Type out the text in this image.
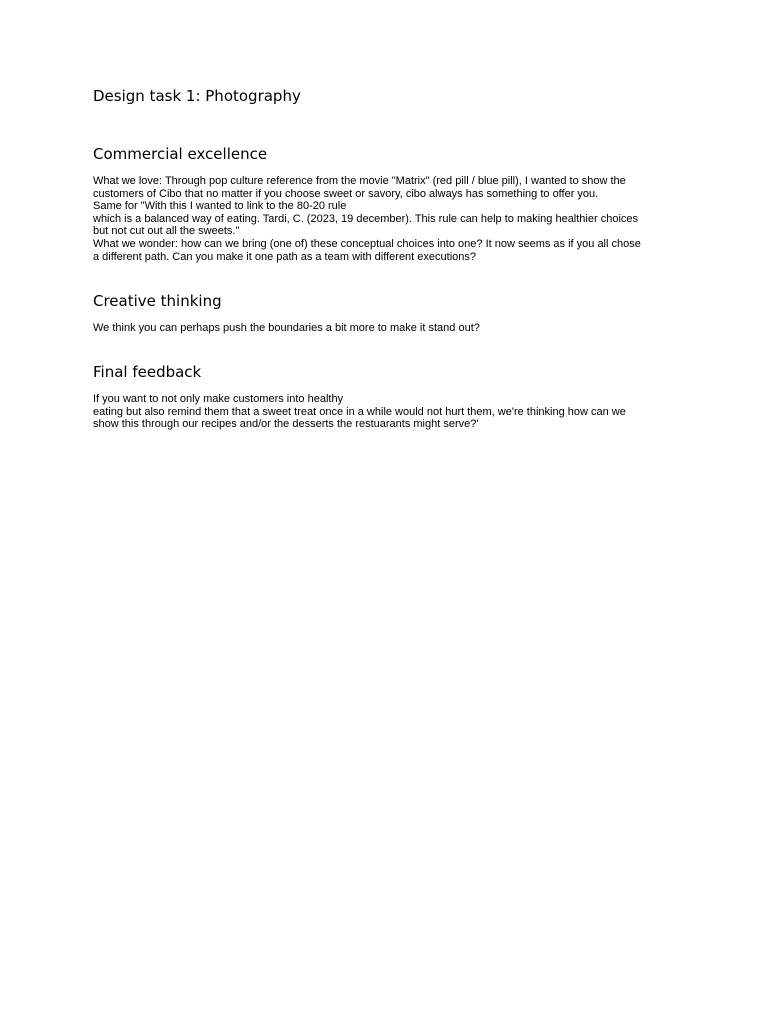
Design task 1: Photography
Commercial excellence
What we love: Through pop culture reference from the movie "Matrix" (red pill / blue pill), I wanted to show the
customers of Cibo that no matter if you choose sweet or savory, cibo always has something to offer you.
Same for "With this I wanted to link to the 80-20 rule
which is a balanced way of eating. Tardi, C. (2023, 19 december). This rule can help to making healthier choices
but not cut out all the sweets."
What we wonder: how can we bring (one of) these conceptual choices into one? It now seems as if you all chose
a different path. Can you make it one path as a team with different executions?
Creative thinking
We think you can perhaps push the boundaries a bit more to make it stand out?
Final feedback
If you want to not only make customers into healthy
eating but also remind them that a sweet treat once in a while would not hurt them, we're thinking how can we
show this through our recipes and/or the desserts the restuarants might serve?'
